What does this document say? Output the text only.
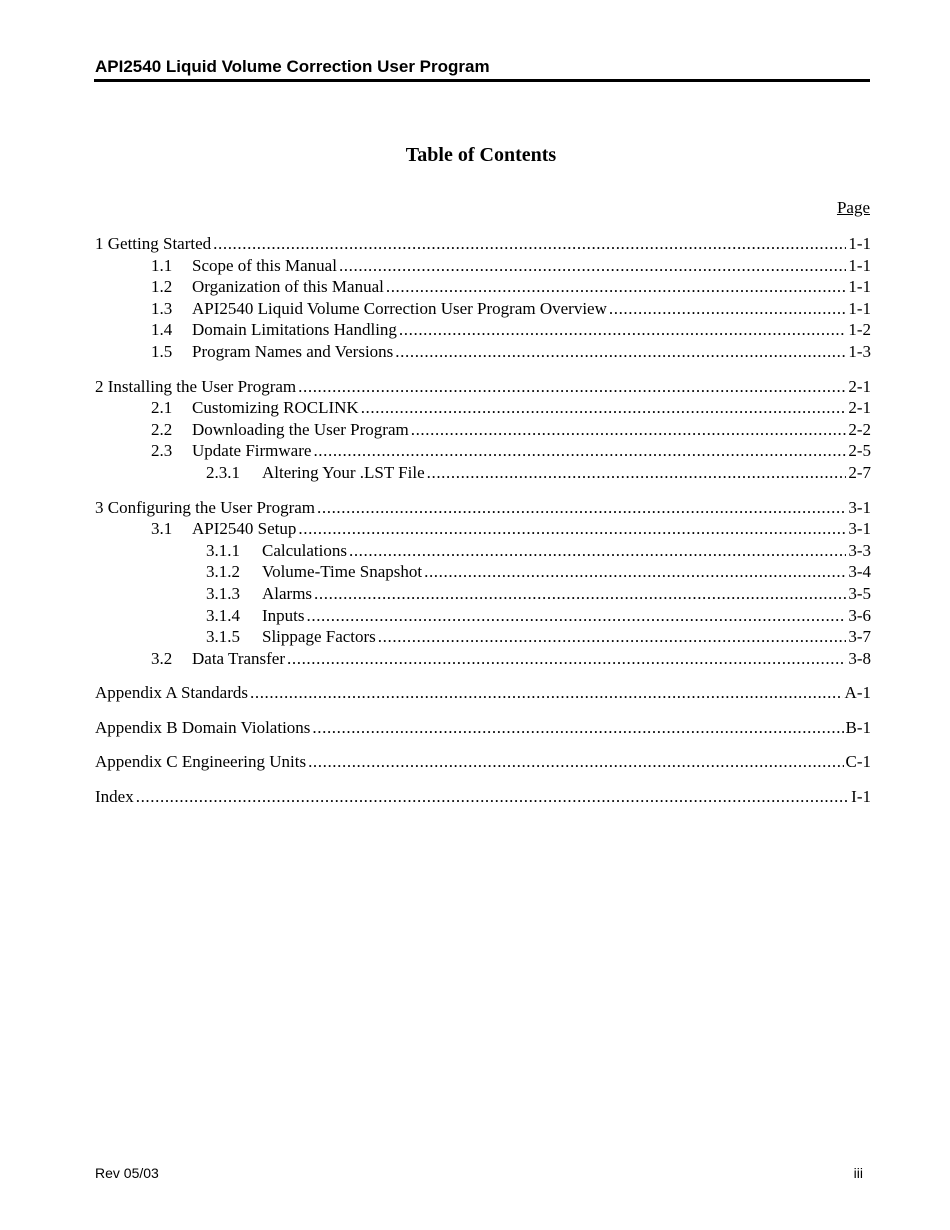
API2540 Liquid Volume Correction User Program
Table of Contents
Page
1 Getting Started .....	1-1
1.1	Scope of this Manual .....	1-1
1.2	Organization of this Manual .....	1-1
1.3	API2540 Liquid Volume Correction User Program Overview .....	1-1
1.4	Domain Limitations Handling .....	1-2
1.5	Program Names and Versions .....	1-3
2 Installing the User Program .....	2-1
2.1	Customizing ROCLINK .....	2-1
2.2	Downloading the User Program .....	2-2
2.3	Update Firmware .....	2-5
2.3.1	Altering Your .LST File .....	2-7
3 Configuring the User Program .....	3-1
3.1	API2540 Setup .....	3-1
3.1.1	Calculations .....	3-3
3.1.2	Volume-Time Snapshot .....	3-4
3.1.3	Alarms .....	3-5
3.1.4	Inputs .....	3-6
3.1.5	Slippage Factors .....	3-7
3.2	Data Transfer .....	3-8
Appendix A Standards .....	A-1
Appendix B Domain Violations .....	B-1
Appendix C Engineering Units .....	C-1
Index .....	I-1
Rev 05/03	iii
